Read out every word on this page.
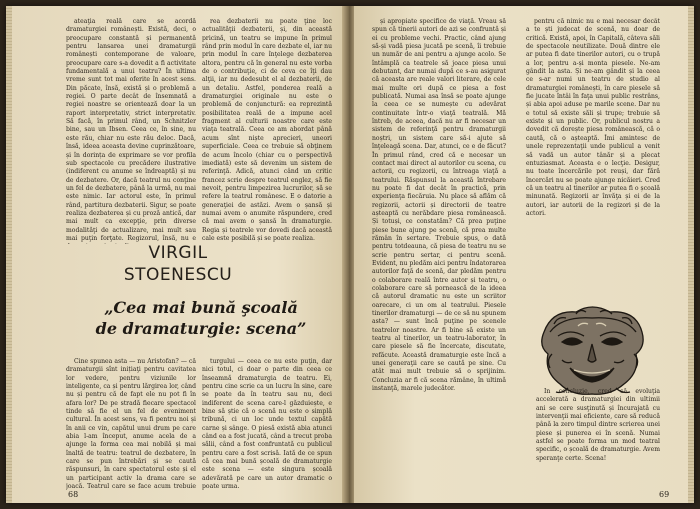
ateaţia reală care se acordă dramaturgiei românești. Există, deci, o preocupare constantă și permanentă pentru lansarea unei dramaturgii românești contemporane de valoare, preocupare care s-a dovedit a fi activitate fundamentală a unui teatru? În ultima vreme sunt tot mai oferite în acest sens. Din păcate, însă, există și o problemă a regiei. O parte decât de însemnată a regiei noastre se orientează doar la un raport interpretativ, strict interpretativ. Să facă, în primul rând, un Schnitzler bine, sau un Ibsen. Ceea ce, în sine, nu este rău, chiar nu este rău deloc. Dacă, însă, ideea aceasta devine cuprinzătoare, și în dorința de exprimare se vor profila sub spectacole cu precădere ilustrative (indiferent cu anume se îndreaptă) și nu de dezbatere. Or, dacă teatrul nu conţine un fel de dezbatere, până la urmă, nu mai este nimic. Iar actorul este, în primul rând, partitura dezbaterii. Sigur, se poate realiza dezbaterea și cu proză antică, dar mai mult ca excepţie, prin diverse modalităţi de actualizare, mai mult sau mai puţin forţate. Regizorul, însă, nu e

rea dezbaterii nu poate ţine loc actualităţii dezbaterii, și, din această pricină, un teatru se impune în primul rând prin modul în care dezbate el, iar nu prin modul în care înţelege dezbaterea altora, pentru că în general nu este vorba de o contribuţie, ci de ceva ce îţi dau alţii, iar nu dedesubt el al dezbaterii, de un detaliu. Astfel, ponderea reală a dramaturgiei originale nu este o problemă de conjunctură: ea reprezintă posibilitatea reală de a impune acel fragment al culturii noastre care este viaţa teatrală. Ceea ce am abordat până acum sînt niște aprecieri, uneori superficiale. Ceea ce trebuie să obţinem de acum încolo (chiar cu o perspectivă imediată) este să devenim un sistem de referinţă. Adică, atunci când un critic francez scrie despre teatrul englez, să fie nevoit, pentru limpezirea lucrurilor, să se refere la teatrul românesc. E o datorie a generaţiei de astăzi. Avem o șansă și numai avem o anumite răspundere, cred că mai avem o șansă în dramaturgie. Regia și teatrele vor dovedi dacă această cale este posibilă și se poate realiza.

VIRGIL
STOENESCU
„Cea mai bună şcoală
de dramaturgie: scena”

Cine spunea asta — nu Aristofan? — că dramaturgii sînt inițiaţi pentru cavitatea lor vedere, pentru viziunile lor inteligente, ca și pentru lărgirea lor, când nu și pentru că de fapt ele nu pot fi în afara lor? De pe stradă fiecare spectacol tinde să fie el un fel de eveniment cultural. În acest sens, va fi pentru noi și în anii ce vin, capătul unui drum pe care abia l-am început, anume acela de a ajunge la forma cea mai nobilă și mai înaltă de teatru: teatrul de dezbatere, în care se pun întrebări și se caută răspunsuri, în care spectatorul este și el un participant activ la drama care se joacă. Teatrul care se face acum trebuie

turgului — ceea ce nu este puţin, dar nici totul, ci doar o parte din ceea ce înseamnă dramaturgia de teatru. Ei, pentru cine scrie ca un lucru în sine, care se poate da în teatru sau nu, deci indiferent de scena care-l găzduiește, e bine să știe că o scenă nu este o simplă tribună, ci un loc unde textul capătă carne și sânge. O piesă există abia atunci când ea a fost jucată, când a trecut proba sălii, când a fost confruntată cu publicul pentru care a fost scrisă. Iată de ce spun că cea mai bună școală de dramaturgie este scena — este singura școală adevărată pe care un autor dramatic o poate urma.

68

și apropiate specifice de viaţă. Vreau să spun că tinerii autori de azi se confruntă și ei cu probleme vechi. Practic, când ajung să-și vadă piesa jucată pe scenă, îi trebuie un număr de ani pentru a ajunge acolo. Se întâmplă ca teatrele să joace piesa unui debutant, dar numai după ce s-au asigurat că aceasta are reale valori literare, de cele mai multe ori după ce piesa a fost publicată. Numai asa însă se poate ajunge la ceea ce se numește cu adevărat continuitate într-o viaţă teatrală. Mă întreb, de aceea, dacă nu ar fi necesar un sistem de referinţă pentru dramaturgii noștri, un sistem care să-i ajute să înţeleagă scena. Dar, atunci, ce e de făcut? În primul rând, cred că e necesar un contact mai direct al autorilor cu scena, cu actorii, cu regizorii, cu întreaga viaţă a teatrului. Răspunsul la această întrebare nu poate fi dat decât în practică, prin experienţa fiecăruia. Nu place să aflăm că regizorii, actorii și directorii de teatre așteaptă cu nerăbdare piesa românească. Și totuși, ce constatăm? Că prea puţine piese bune ajung pe scenă, că prea multe rămân în sertare. Trebuie spus, o dată pentru totdeauna, că piesa de teatru nu se scrie pentru sertar, ci pentru scenă. Evident, nu pledăm aici pentru îndatorarea autorilor faţă de scenă, dar pledăm pentru o colaborare reală între autor și teatru, o colaborare care să pornească de la ideea că autorul dramatic nu este un scriitor oarecare, ci un om al teatrului. Piesele tinerilor dramaturgi — de ce să nu spunem asta? — sunt încă puţine pe scenele teatrelor noastre. Ar fi bine să existe un teatru al tinerilor, un teatru-laborator, în care piesele să fie încercate, discutate, refăcute. Această dramaturgie este încă a unei generaţii care se caută pe sine. Cu atât mai mult trebuie să o sprijinim. Concluzia ar fi că scena rămâne, în ultimă instanţă, marele judecător.

pentru că nimic nu e mai necesar decât a te ști judecat de scenă, nu doar de critică. Există, apoi, în Capitală, câteva săli de spectacole neutilizate. Două dintre ele ar putea fi date tinerilor autori, cu o trupă a lor, pentru a-și monta piesele. Ne-am gândit la asta. Și ne-am gândit și la ceea ce s-ar numi un teatru de studio al dramaturgiei românești, în care piesele să fie jucate întâi în faţa unui public restrâns, și abia apoi aduse pe marile scene. Dar nu e totul să existe săli și trupe; trebuie să existe și un public. Or, publicul nostru a dovedit că dorește piesa românească, că o caută, că o așteaptă. Îmi amintesc de unele reprezentaţii unde publicul a venit să vadă un autor tânăr și a plecat entuziasmat. Aceasta e o lecţie. Desigur, nu toate încercările pot reuși, dar fără încercări nu se poate ajunge nicăieri. Cred că un teatru al tinerilor ar putea fi o școală minunată. Regizorii ar învăţa și ei de la autori, iar autorii de la regizori și de la actori.

În concluzie, cred că evoluţia accelerată a dramaturgiei din ultimii ani se cere susţinută și încurajată cu intervenţii mai eficiente, care să reducă până la zero timpul dintre scrierea unei piese și punerea ei în scenă. Numai astfel se poate forma un mod teatral specific, o școală de dramaturgie. Avem speranţe certe. Scena!

69
